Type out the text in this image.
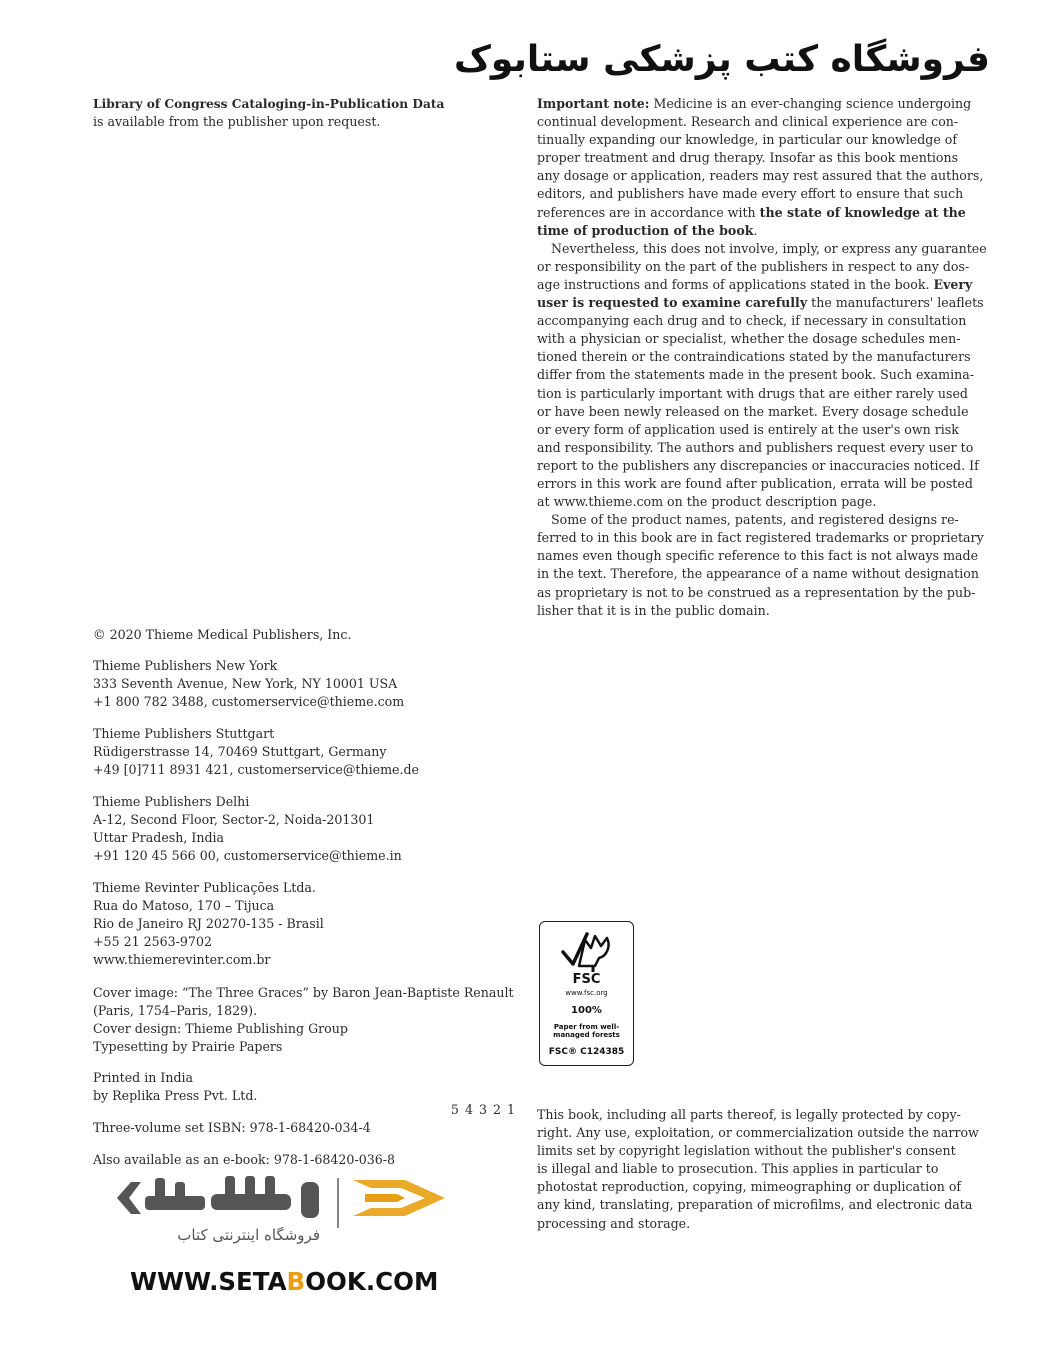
فروشگاه کتب پزشکی ستابوک
Library of Congress Cataloging-in-Publication Data
is available from the publisher upon request.
Important note: Medicine is an ever-changing science undergoing
continual development. Research and clinical experience are con-
tinually expanding our knowledge, in particular our knowledge of
proper treatment and drug therapy. Insofar as this book mentions
any dosage or application, readers may rest assured that the authors,
editors, and publishers have made every effort to ensure that such
references are in accordance with the state of knowledge at the
time of production of the book.
Nevertheless, this does not involve, imply, or express any guarantee
or responsibility on the part of the publishers in respect to any dos-
age instructions and forms of applications stated in the book. Every
user is requested to examine carefully the manufacturers' leaflets
accompanying each drug and to check, if necessary in consultation
with a physician or specialist, whether the dosage schedules men-
tioned therein or the contraindications stated by the manufacturers
differ from the statements made in the present book. Such examina-
tion is particularly important with drugs that are either rarely used
or have been newly released on the market. Every dosage schedule
or every form of application used is entirely at the user's own risk
and responsibility. The authors and publishers request every user to
report to the publishers any discrepancies or inaccuracies noticed. If
errors in this work are found after publication, errata will be posted
at www.thieme.com on the product description page.
Some of the product names, patents, and registered designs re-
ferred to in this book are in fact registered trademarks or proprietary
names even though specific reference to this fact is not always made
in the text. Therefore, the appearance of a name without designation
as proprietary is not to be construed as a representation by the pub-
lisher that it is in the public domain.
© 2020 Thieme Medical Publishers, Inc.
Thieme Publishers New York
333 Seventh Avenue, New York, NY 10001 USA
+1 800 782 3488, customerservice@thieme.com
Thieme Publishers Stuttgart
Rüdigerstrasse 14, 70469 Stuttgart, Germany
+49 [0]711 8931 421, customerservice@thieme.de
Thieme Publishers Delhi
A-12, Second Floor, Sector-2, Noida-201301
Uttar Pradesh, India
+91 120 45 566 00, customerservice@thieme.in
Thieme Revinter Publicações Ltda.
Rua do Matoso, 170 – Tijuca
Rio de Janeiro RJ 20270-135 - Brasil
+55 21 2563-9702
www.thiemerevinter.com.br
Cover image: “The Three Graces” by Baron Jean-Baptiste Renault
(Paris, 1754–Paris, 1829).
Cover design: Thieme Publishing Group
Typesetting by Prairie Papers
Printed in India
by Replika Press Pvt. Ltd.
5 4 3 2 1
Three-volume set ISBN: 978-1-68420-034-4
Also available as an e-book: 978-1-68420-036-8
FSC
www.fsc.org
100%
Paper from well-managed forests
FSC® C124385
This book, including all parts thereof, is legally protected by copy-
right. Any use, exploitation, or commercialization outside the narrow
limits set by copyright legislation without the publisher's consent
is illegal and liable to prosecution. This applies in particular to
photostat reproduction, copying, mimeographing or duplication of
any kind, translating, preparation of microfilms, and electronic data
processing and storage.
فروشگاه اینترنتی کتاب
WWW.SETABOOK.COM
